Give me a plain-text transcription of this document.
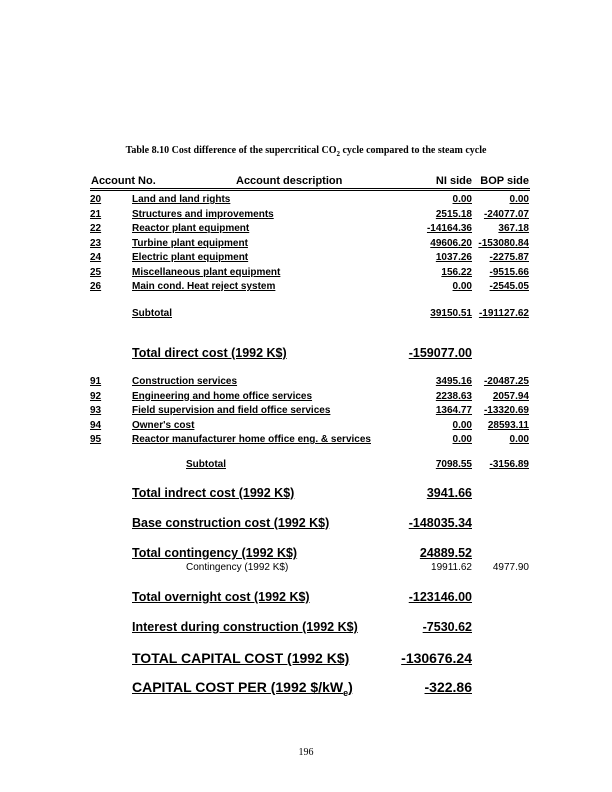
Table 8.10 Cost difference of the supercritical $CO_2$ cycle compared to the steam cycle
Account No.	Account description	NI side BOP side
20	Land and land rights	0.00	0.00
21	Structures and improvements	2515.18	-24077.07
22	Reactor plant equipment	-14164.36	367.18
23	Turbine plant equipment	49606.20 -153080.84
24	Electric plant equipment	1037.26	-2275.87
25	Miscellaneous plant equipment	156.22	-9515.66
26	Main cond. Heat reject system	0.00	-2545.05
Subtotal	39150.51 -191127.62
Total direct cost (1992 K$)	-159077.00
91	Construction services	3495.16	-20487.25
92	Engineering and home office services	2238.63	2057.94
93	Field supervision and field office services	1364.77	-13320.69
94	Owner's cost	0.00	28593.11
95	Reactor manufacturer home office eng. & services	0.00	0.00
Subtotal	7098.55	-3156.89
Total indrect cost (1992 K$)	3941.66
Base construction cost (1992 K$)	-148035.34
Total contingency (1992 K$)	24889.52
Contingency (1992 K$)	19911.62	4977.90
Total overnight cost (1992 K$)	-123146.00
Interest during construction (1992 K$)	-7530.62
TOTAL CAPITAL COST (1992 K$)	-130676.24
CAPITAL COST PER (1992 $\$/kW_e$)	-322.86
196
